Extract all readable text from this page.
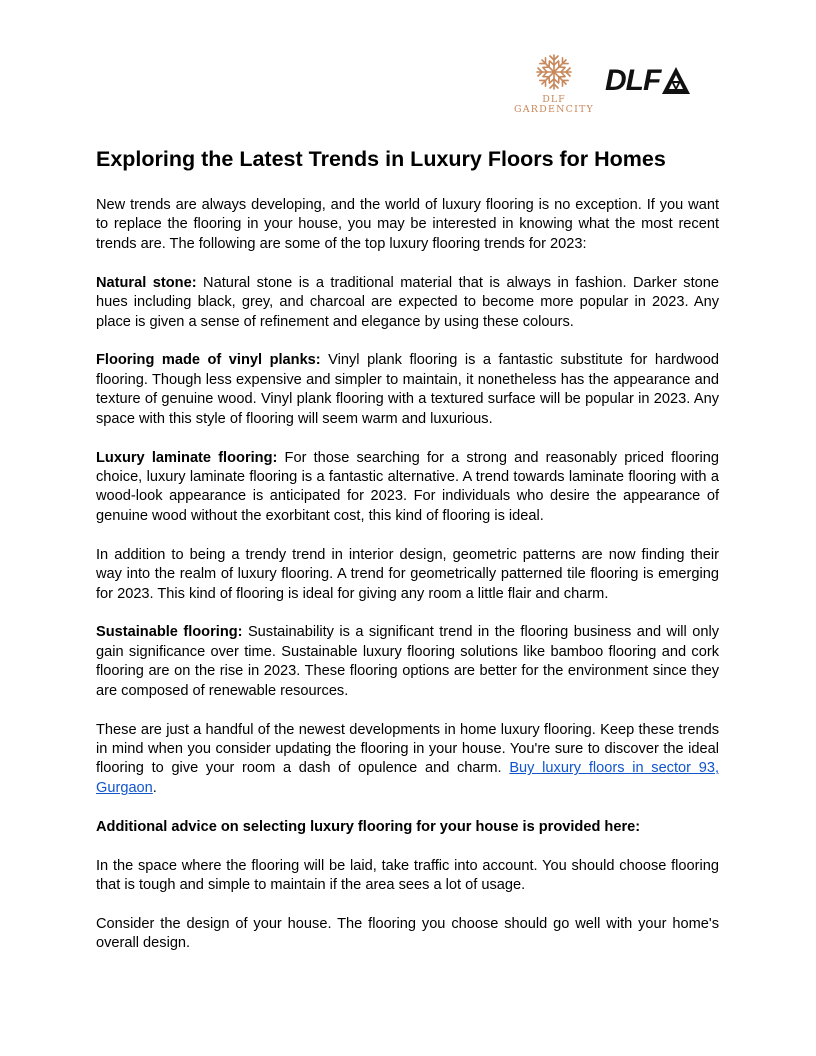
DLF
GARDENCITY
DLF
Exploring the Latest Trends in Luxury Floors for Homes

New trends are always developing, and the world of luxury flooring is no exception. If you want to replace the flooring in your house, you may be interested in knowing what the most recent trends are. The following are some of the top luxury flooring trends for 2023:

Natural stone: Natural stone is a traditional material that is always in fashion. Darker stone hues including black, grey, and charcoal are expected to become more popular in 2023. Any place is given a sense of refinement and elegance by using these colours.

Flooring made of vinyl planks: Vinyl plank flooring is a fantastic substitute for hardwood flooring. Though less expensive and simpler to maintain, it nonetheless has the appearance and texture of genuine wood. Vinyl plank flooring with a textured surface will be popular in 2023. Any space with this style of flooring will seem warm and luxurious.

Luxury laminate flooring: For those searching for a strong and reasonably priced flooring choice, luxury laminate flooring is a fantastic alternative. A trend towards laminate flooring with a wood-look appearance is anticipated for 2023. For individuals who desire the appearance of genuine wood without the exorbitant cost, this kind of flooring is ideal.

In addition to being a trendy trend in interior design, geometric patterns are now finding their way into the realm of luxury flooring. A trend for geometrically patterned tile flooring is emerging for 2023. This kind of flooring is ideal for giving any room a little flair and charm.

Sustainable flooring: Sustainability is a significant trend in the flooring business and will only gain significance over time. Sustainable luxury flooring solutions like bamboo flooring and cork flooring are on the rise in 2023. These flooring options are better for the environment since they are composed of renewable resources.

These are just a handful of the newest developments in home luxury flooring. Keep these trends in mind when you consider updating the flooring in your house. You're sure to discover the ideal flooring to give your room a dash of opulence and charm. Buy luxury floors in sector 93, Gurgaon.

Additional advice on selecting luxury flooring for your house is provided here:

In the space where the flooring will be laid, take traffic into account. You should choose flooring that is tough and simple to maintain if the area sees a lot of usage.

Consider the design of your house. The flooring you choose should go well with your home's overall design.
